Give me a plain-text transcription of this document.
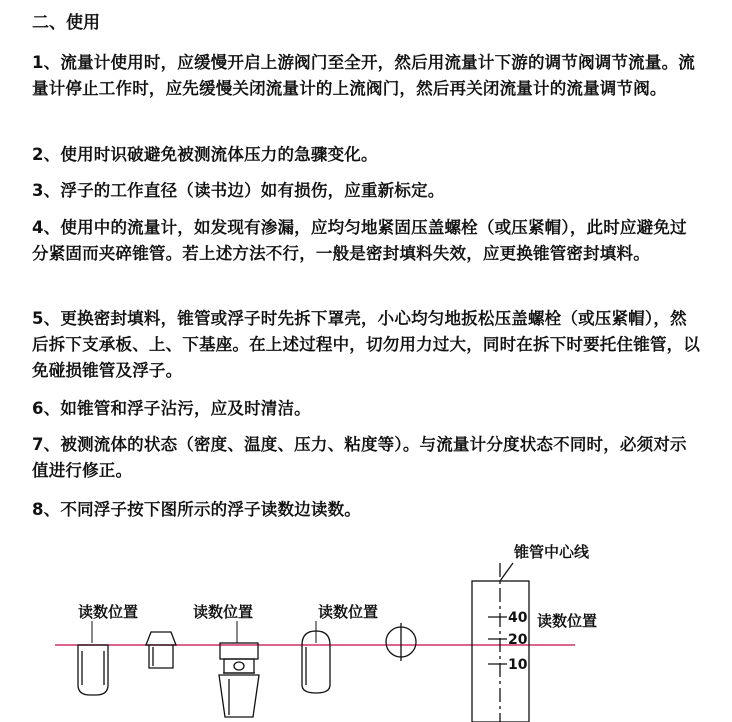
二、使用

1、流量计使用时，应缓慢开启上游阀门至全开，然后用流量计下游的调节阀调节流量。流量计停止工作时，应先缓慢关闭流量计的上流阀门，然后再关闭流量计的流量调节阀。

2、使用时识破避免被测流体压力的急骤变化。

3、浮子的工作直径（读书边）如有损伤，应重新标定。

4、使用中的流量计，如发现有渗漏，应均匀地紧固压盖螺栓（或压紧帽），此时应避免过分紧固而夹碎锥管。若上述方法不行，一般是密封填料失效，应更换锥管密封填料。

5、更换密封填料，锥管或浮子时先拆下罩壳，小心均匀地扳松压盖螺栓（或压紧帽），然后拆下支承板、上、下基座。在上述过程中，切勿用力过大，同时在拆下时要托住锥管，以免碰损锥管及浮子。

6、如锥管和浮子沾污，应及时清洁。

7、被测流体的状态（密度、温度、压力、粘度等）。与流量计分度状态不同时，必须对示值进行修正。

8、不同浮子按下图所示的浮子读数边读数。

读数位置	读数位置	读数位置	读数位置
锥管中心线
40
20
10
